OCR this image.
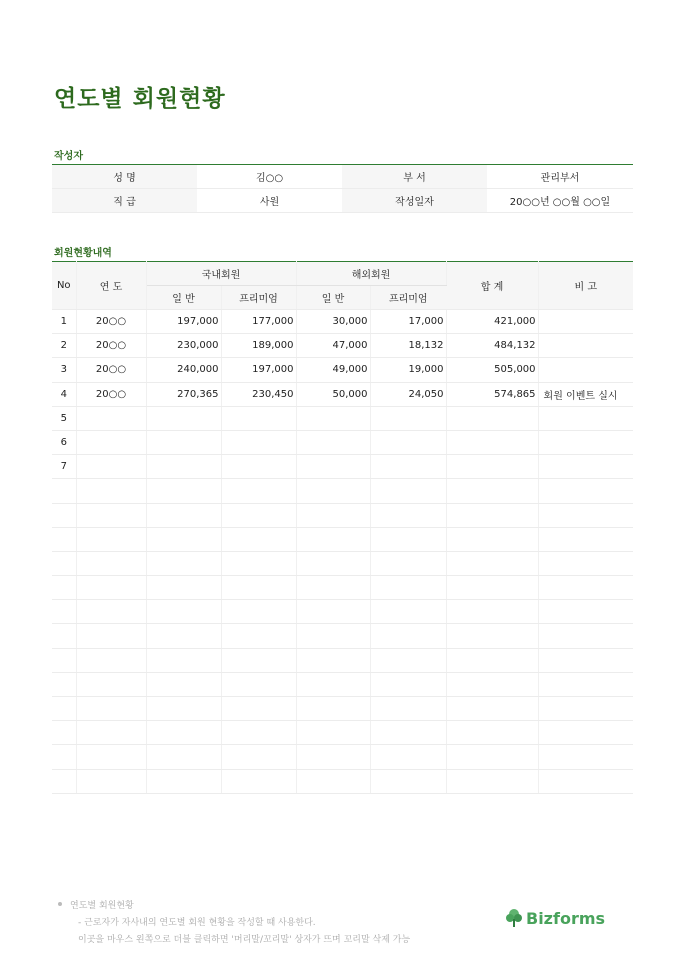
연도별 회원현황
작성자
성 명	김○○	부 서	관리부서
직 급	사원	작성일자	20○○년 ○○월 ○○일
회원현황내역
No	연 도	국내회원		해외회원		합 계	비 고
		일 반	프리미엄	일 반	프리미엄		
1	20○○	197,000	177,000	30,000	17,000	421,000	
2	20○○	230,000	189,000	47,000	18,132	484,132	
3	20○○	240,000	197,000	49,000	19,000	505,000	
4	20○○	270,365	230,450	50,000	24,050	574,865	회원 이벤트 실시
5							
6							
7							

연도별 회원현황
- 근로자가 자사내의 연도별 회원 현황을 작성할 때 사용한다.
이곳을 마우스 왼쪽으로 더블 클릭하면 '머리말/꼬리말' 상자가 뜨며 꼬리말 삭제 가능
Bizforms
